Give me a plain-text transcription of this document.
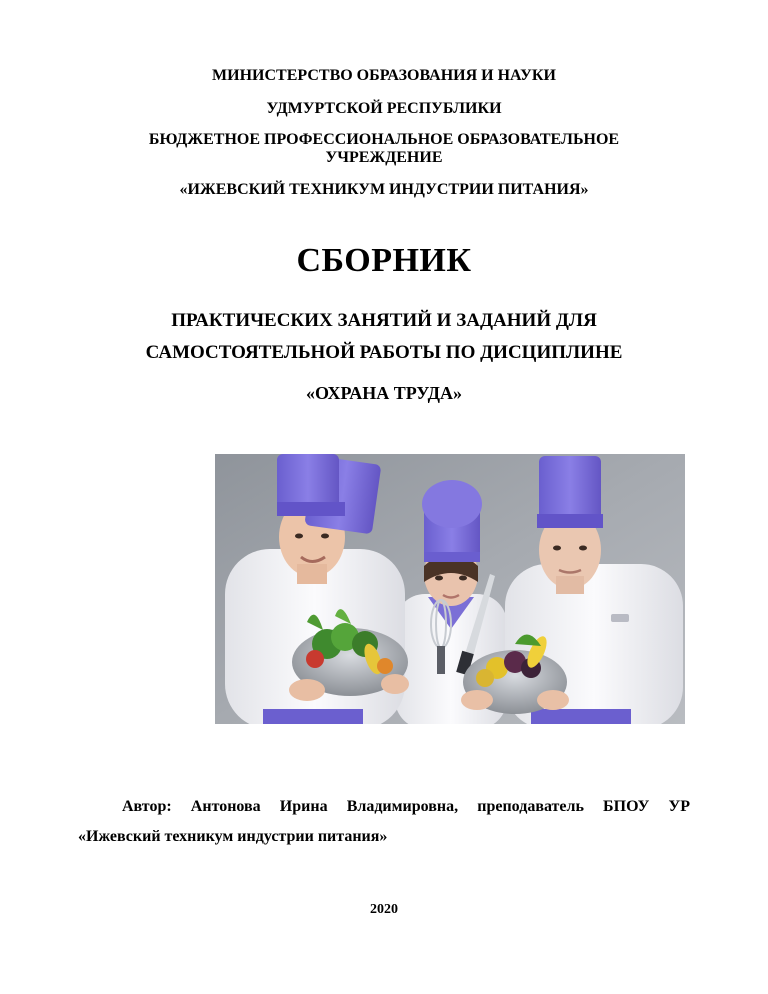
МИНИСТЕРСТВО ОБРАЗОВАНИЯ И НАУКИ
УДМУРТСКОЙ РЕСПУБЛИКИ
БЮДЖЕТНОЕ ПРОФЕССИОНАЛЬНОЕ ОБРАЗОВАТЕЛЬНОЕ
УЧРЕЖДЕНИЕ
«ИЖЕВСКИЙ ТЕХНИКУМ ИНДУСТРИИ ПИТАНИЯ»
СБОРНИК
ПРАКТИЧЕСКИХ ЗАНЯТИЙ И ЗАДАНИЙ ДЛЯ
САМОСТОЯТЕЛЬНОЙ РАБОТЫ ПО ДИСЦИПЛИНЕ
«ОХРАНА ТРУДА»
Автор: Антонова Ирина Владимировна, преподаватель БПОУ УР
«Ижевский техникум индустрии питания»
2020
